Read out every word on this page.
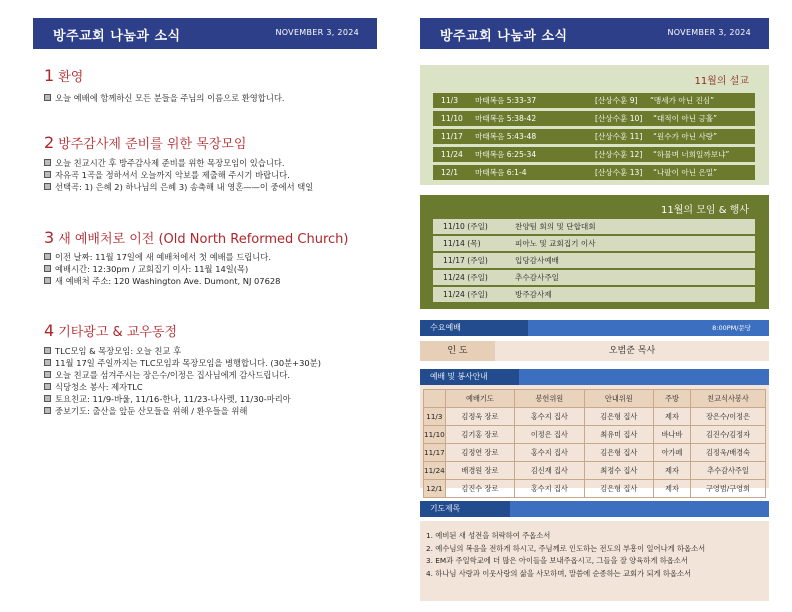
방주교회 나눔과 소식	NOVEMBER 3, 2024
1 환영
오늘 예배에 함께하신 모든 분들을 주님의 이름으로 환영합니다.
2 방주감사제 준비를 위한 목장모임
오늘 친교시간 후 방주감사제 준비를 위한 목장모임이 있습니다.
자유곡 1곡을 정하셔서 오늘까지 악보를 제출해 주시기 바랍니다.
선택곡: 1) 은혜 2) 하나님의 은혜 3) 송축해 내 영혼——이 중에서 택일
3 새 예배처로 이전 (Old North Reformed Church)
이전 날짜: 11월 17일에 새 예배처에서 첫 예배를 드립니다.
예배시간: 12:30pm / 교회집기 이사: 11월 14일(목)
새 예배처 주소: 120 Washington Ave. Dumont, NJ 07628
4 기타광고 & 교우동정
TLC모임 & 목장모임: 오늘 친교 후
11월 17일 주일까지는 TLC모임과 목장모임을 병행합니다. (30분+30분)
오늘 친교를 섬겨주시는 장은수/이정은 집사님에게 감사드립니다.
식당청소 봉사: 제자TLC
토요친교: 11/9-바울, 11/16-한나, 11/23-나사렛, 11/30-마리아
중보기도: 출산을 앞둔 산모들을 위해 / 환우들을 위해
방주교회 나눔과 소식	NOVEMBER 3, 2024
11월의 설교
11/3 마태복음 5:33-37	[산상수훈 9] “맹세가 아닌 진심”
11/10 마태복음 5:38-42	[산상수훈 10] “대적이 아닌 긍휼”
11/17 마태복음 5:43-48	[산상수훈 11] “원수가 아닌 사랑”
11/24 마태복음 6:25-34	[산상수훈 12] “하물며 너희일까보냐”
12/1 마태복음 6:1-4	[산상수훈 13] “나팔이 아닌 은밀”
11월의 모임 & 행사
11/10 (주일)	찬양팀 회의 및 단합대회
11/14 (목)	피아노 및 교회집기 이사
11/17 (주일)	입당감사예배
11/24 (주일)	추수감사주일
11/24 (주일)	방주감사제
수요예배	8:00PM/문당
인 도	오범준 목사
예배 및 봉사안내
	예배기도	봉헌위원	안내위원	주방	친교식사봉사
11/3	김정욱 장로	홍수지 집사	김은형 집사	제자	장은수/이정은
11/10	김기홍 장로	이정은 집사	최유미 집사	바나바	김진수/김정자
11/17	김정연 장로	홍수지 집사	김은형 집사	아가페	김정욱/배경숙
11/24	배경원 장로	김신재 집사	최정수 집사	제자	추수감사주일
12/1	김진수 장로	홍수지 집사	김은형 집사	제자	구영범/구영희
기도제목
1. 예비된 새 성전을 허락하여 주옵소서
2. 예수님의 복음을 전하게 하시고, 주님께로 인도하는 전도의 부흥이 일어나게 하옵소서
3. EM과 주일학교에 더 많은 아이들을 보내주옵시고, 그들을 잘 양육하게 하옵소서
4. 하나님 사랑과 이웃사랑의 삶을 사모하며, 말씀에 순종하는 교회가 되게 하옵소서
